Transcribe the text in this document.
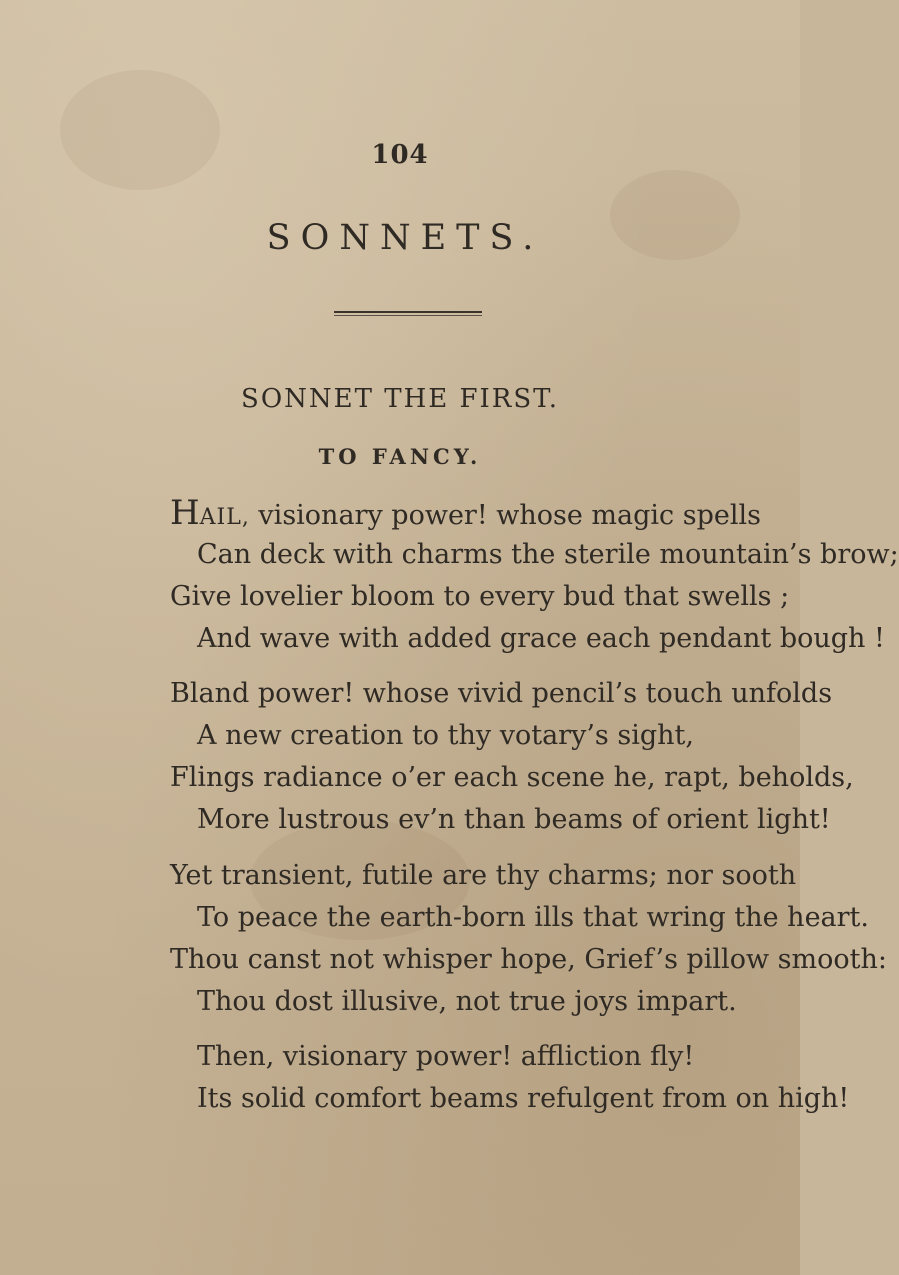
104
SONNETS.
SONNET THE FIRST.
TO FANCY.
HAIL, visionary power! whose magic spells
Can deck with charms the sterile mountain’s brow;
Give lovelier bloom to every bud that swells ;
And wave with added grace each pendant bough !
Bland power! whose vivid pencil’s touch unfolds
A new creation to thy votary’s sight,
Flings radiance o’er each scene he, rapt, beholds,
More lustrous ev’n than beams of orient light!
Yet transient, futile are thy charms; nor sooth
To peace the earth-born ills that wring the heart.
Thou canst not whisper hope, Grief’s pillow smooth:
Thou dost illusive, not true joys impart.
Then, visionary power! affliction fly!
Its solid comfort beams refulgent from on high!
